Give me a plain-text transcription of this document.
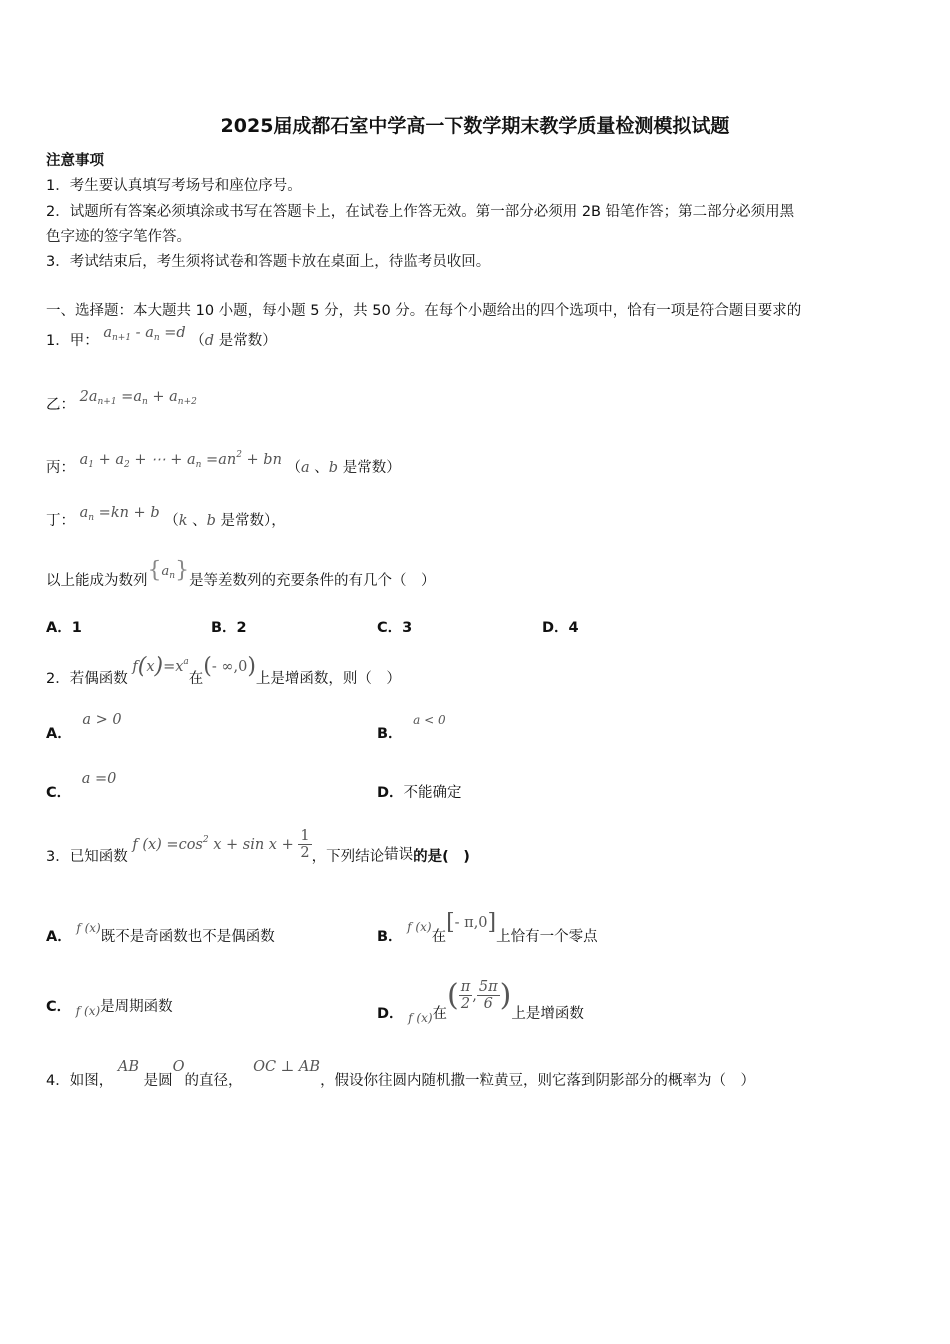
2025届成都石室中学高一下数学期末教学质量检测模拟试题
注意事项
1．考生要认真填写考场号和座位序号。
2．试题所有答案必须填涂或书写在答题卡上，在试卷上作答无效。第一部分必须用 2B 铅笔作答；第二部分必须用黑
色字迹的签字笔作答。
3．考试结束后，考生须将试卷和答题卡放在桌面上，待监考员收回。
一、选择题：本大题共 10 小题，每小题 5 分，共 50 分。在每个小题给出的四个选项中，恰有一项是符合题目要求的
1．甲： $a_{n+1} - a_n =d$ （d 是常数）
乙： $2a_{n+1} =a_n + a_{n+2}$
丙： $a_1 + a_2$ + ⋯ + $a_n =an^2$ + bn （a 、b 是常数）
丁： $a_n =kn + b$ （k 、b 是常数），
以上能成为数列$\{a_n\}$是等差数列的充要条件的有几个（　）
A．1	B．2	C．3	D．4
2．若偶函数 $f(x)=x^a$在(- ∞,0)上是增函数，则（　）
A． a > 0
B． a < 0
C． a =0
D．不能确定
3．已知函数 f $(x) =\cos^2$ $x + \sin x + \frac{1}{2}$ ，下列结论错误的是(　)
A． f (x)既不是奇函数也不是偶函数	B． $_{f (x)}$在[- π,0]上恰有一个零点
C． $_{f (x)}$是周期函数	D． $_{f (x)}$在( $\frac{\pi}{2}$ , $\frac{5\pi}{6}$ )上是增函数
4．如图， AB 是圆O的直径， OC ⊥ AB，假设你往圆内随机撒一粒黄豆，则它落到阴影部分的概率为（　）
